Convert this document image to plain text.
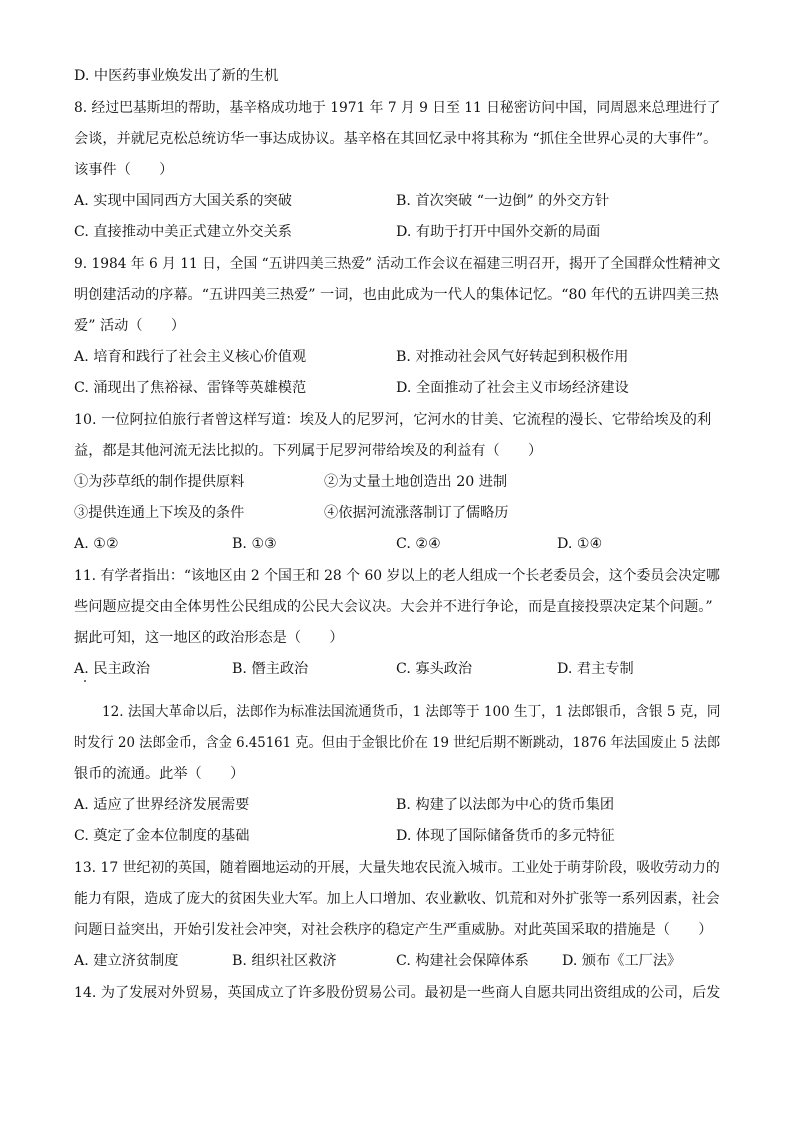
D. 中医药事业焕发出了新的生机
8. 经过巴基斯坦的帮助，基辛格成功地于 1971 年 7 月 9 日至 11 日秘密访问中国，同周恩来总理进行了
会谈，并就尼克松总统访华一事达成协议。基辛格在其回忆录中将其称为 “抓住全世界心灵的大事件”。
该事件（　　）
A. 实现中国同西方大国关系的突破	B. 首次突破 “一边倒” 的外交方针
C. 直接推动中美正式建立外交关系	D. 有助于打开中国外交新的局面
9. 1984 年 6 月 11 日，全国 “五讲四美三热爱” 活动工作会议在福建三明召开，揭开了全国群众性精神文
明创建活动的序幕。“五讲四美三热爱” 一词，也由此成为一代人的集体记忆。“80 年代的五讲四美三热
爱” 活动（　　）
A. 培育和践行了社会主义核心价值观	B. 对推动社会风气好转起到积极作用
C. 涌现出了焦裕禄、雷锋等英雄模范	D. 全面推动了社会主义市场经济建设
10. 一位阿拉伯旅行者曾这样写道：埃及人的尼罗河，它河水的甘美、它流程的漫长、它带给埃及的利
益，都是其他河流无法比拟的。下列属于尼罗河带给埃及的利益有（　　）
①为莎草纸的制作提供原料	②为丈量土地创造出 20 进制
③提供连通上下埃及的条件	④依据河流涨落制订了儒略历
A. ①②	B. ①③	C. ②④	D. ①④
11. 有学者指出：“该地区由 2 个国王和 28 个 60 岁以上的老人组成一个长老委员会，这个委员会决定哪
些问题应提交由全体男性公民组成的公民大会议决。大会并不进行争论，而是直接投票决定某个问题。”
据此可知，这一地区的政治形态是（　　）
A. 民主政治	B. 僭主政治	C. 寡头政治	D. 君主专制
12. 法国大革命以后，法郎作为标准法国流通货币，1 法郎等于 100 生丁，1 法郎银币，含银 5 克，同
时发行 20 法郎金币，含金 6.45161 克。但由于金银比价在 19 世纪后期不断跳动，1876 年法国废止 5 法郎
银币的流通。此举（　　）
A. 适应了世界经济发展需要	B. 构建了以法郎为中心的货币集团
C. 奠定了金本位制度的基础	D. 体现了国际储备货币的多元特征
13. 17 世纪初的英国，随着圈地运动的开展，大量失地农民流入城市。工业处于萌芽阶段，吸收劳动力的
能力有限，造成了庞大的贫困失业大军。加上人口增加、农业歉收、饥荒和对外扩张等一系列因素，社会
问题日益突出，开始引发社会冲突，对社会秩序的稳定产生严重威胁。对此英国采取的措施是（　　）
A. 建立济贫制度	B. 组织社区救济	C. 构建社会保障体系 D. 颁布《工厂法》
14. 为了发展对外贸易，英国成立了许多股份贸易公司。最初是一些商人自愿共同出资组成的公司，后发
